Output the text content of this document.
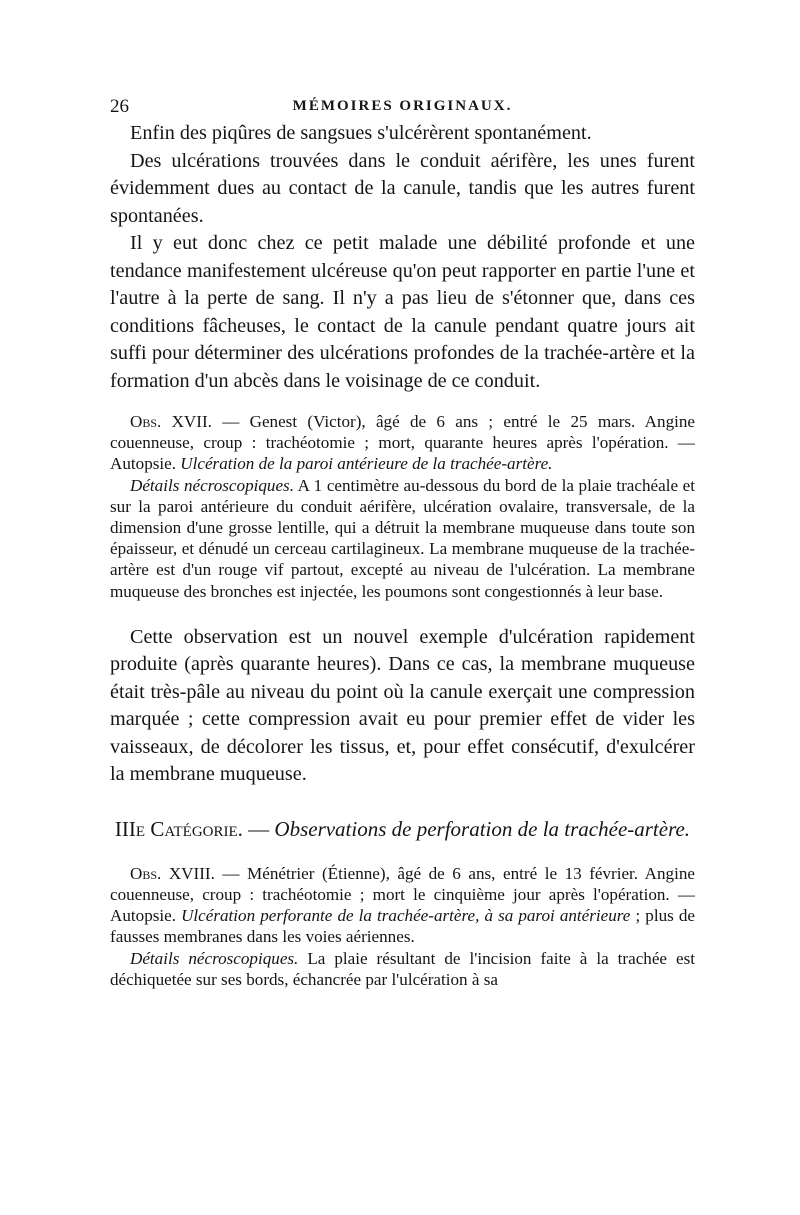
26	MÉMOIRES ORIGINAUX.

Enfin des piqûres de sangsues s'ulcérèrent spontanément.

Des ulcérations trouvées dans le conduit aérifère, les unes furent évidemment dues au contact de la canule, tandis que les autres furent spontanées.

Il y eut donc chez ce petit malade une débilité profonde et une tendance manifestement ulcéreuse qu'on peut rapporter en partie l'une et l'autre à la perte de sang. Il n'y a pas lieu de s'étonner que, dans ces conditions fâcheuses, le contact de la canule pendant quatre jours ait suffi pour déterminer des ulcérations profondes de la trachée-artère et la formation d'un abcès dans le voisinage de ce conduit.

Obs. XVII. — Genest (Victor), âgé de 6 ans ; entré le 25 mars. Angine couenneuse, croup : trachéotomie ; mort, quarante heures après l'opération. — Autopsie. Ulcération de la paroi antérieure de la trachée-artère.

Détails nécroscopiques. A 1 centimètre au-dessous du bord de la plaie trachéale et sur la paroi antérieure du conduit aérifère, ulcération ovalaire, transversale, de la dimension d'une grosse lentille, qui a détruit la membrane muqueuse dans toute son épaisseur, et dénudé un cerceau cartilagineux. La membrane muqueuse de la trachée-artère est d'un rouge vif partout, excepté au niveau de l'ulcération. La membrane muqueuse des bronches est injectée, les poumons sont congestionnés à leur base.

Cette observation est un nouvel exemple d'ulcération rapidement produite (après quarante heures). Dans ce cas, la membrane muqueuse était très-pâle au niveau du point où la canule exerçait une compression marquée ; cette compression avait eu pour premier effet de vider les vaisseaux, de décolorer les tissus, et, pour effet consécutif, d'exulcérer la membrane muqueuse.

IIIe Catégorie. — Observations de perforation de la trachée-artère.

Obs. XVIII. — Ménétrier (Étienne), âgé de 6 ans, entré le 13 février. Angine couenneuse, croup : trachéotomie ; mort le cinquième jour après l'opération. — Autopsie. Ulcération perforante de la trachée-artère, à sa paroi antérieure ; plus de fausses membranes dans les voies aériennes.

Détails nécroscopiques. La plaie résultant de l'incision faite à la trachée est déchiquetée sur ses bords, échancrée par l'ulcération à sa
